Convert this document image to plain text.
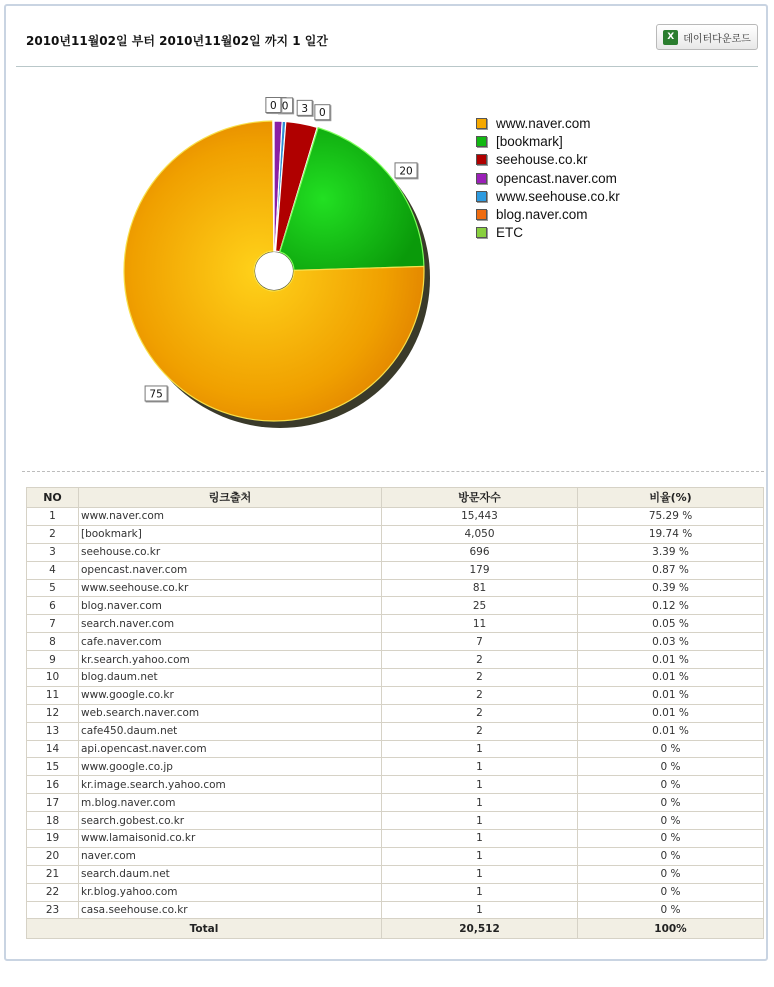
2010년11월02일 부터 2010년11월02일 까지 1 일간	X 데이터다운로드
0 3 0
20
75
0
www.naver.com
[bookmark]
seehouse.co.kr
opencast.naver.com
www.seehouse.co.kr
blog.naver.com
ETC
NO	링크출처	방문자수	비율(%)
1	www.naver.com	15,443	75.29 %
2	[bookmark]	4,050	19.74 %
3	seehouse.co.kr	696	3.39 %
4	opencast.naver.com	179	0.87 %
5	www.seehouse.co.kr	81	0.39 %
6	blog.naver.com	25	0.12 %
7	search.naver.com	11	0.05 %
8	cafe.naver.com	7	0.03 %
9	kr.search.yahoo.com	2	0.01 %
10	blog.daum.net	2	0.01 %
11	www.google.co.kr	2	0.01 %
12	web.search.naver.com	2	0.01 %
13	cafe450.daum.net	2	0.01 %
14	api.opencast.naver.com	1	0 %
15	www.google.co.jp	1	0 %
16	kr.image.search.yahoo.com	1	0 %
17	m.blog.naver.com	1	0 %
18	search.gobest.co.kr	1	0 %
19	www.lamaisonid.co.kr	1	0 %
20	naver.com	1	0 %
21	search.daum.net	1	0 %
22	kr.blog.yahoo.com	1	0 %
23	casa.seehouse.co.kr	1	0 %
Total		20,512	100%
